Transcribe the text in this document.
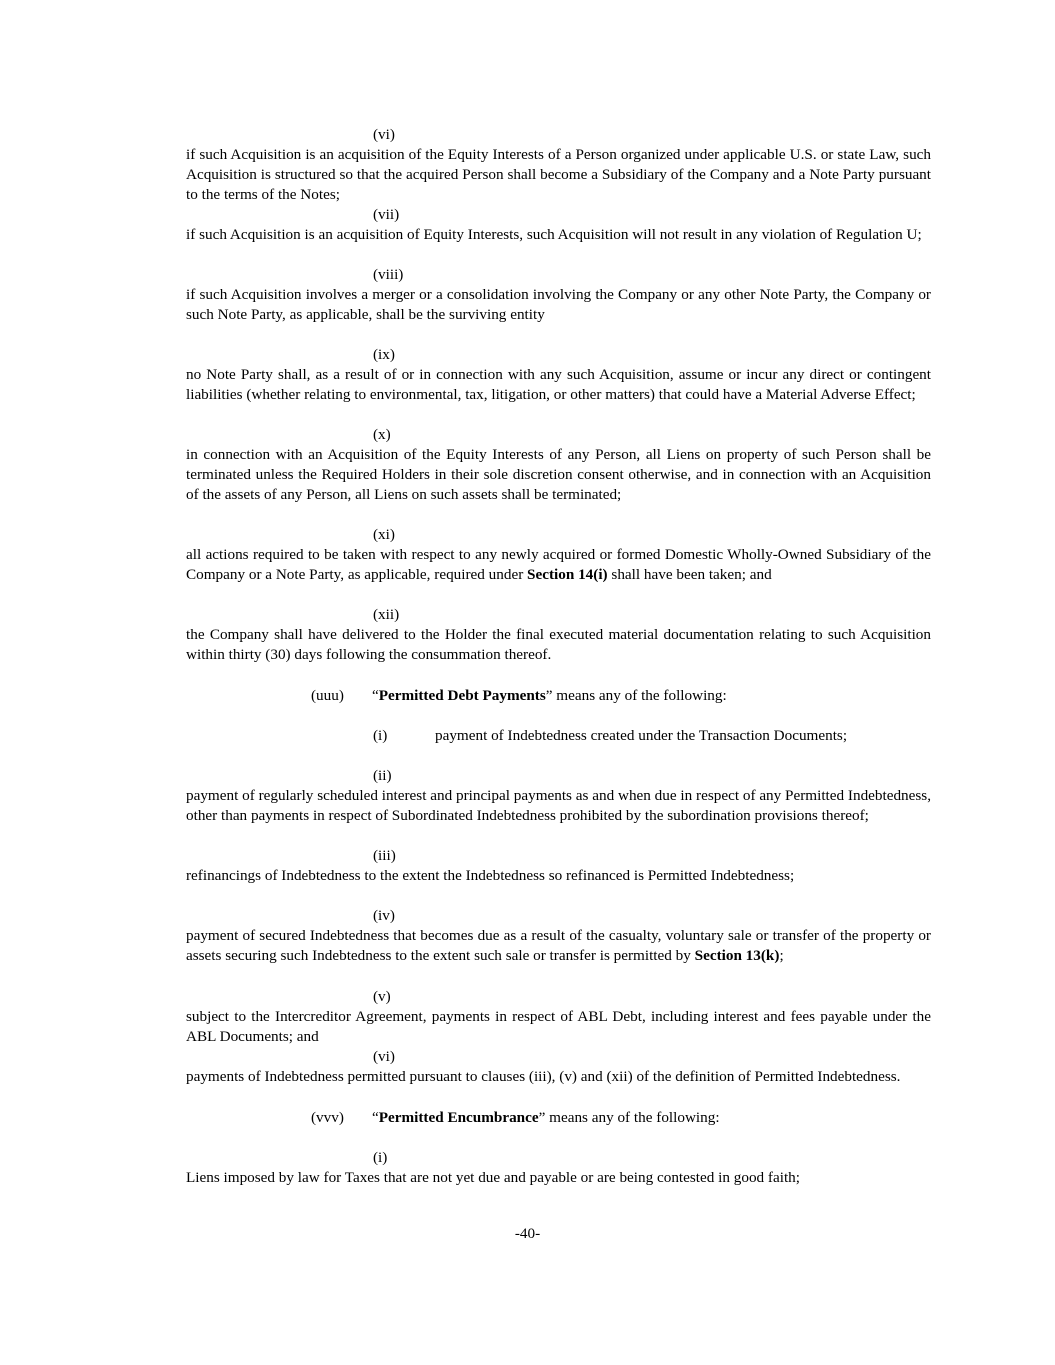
(vi)
if such Acquisition is an acquisition of the Equity Interests of a Person organized under applicable U.S. or state Law, such Acquisition is structured so that the acquired Person shall become a Subsidiary of the Company and a Note Party pursuant to the terms of the Notes;
(vii)
if such Acquisition is an acquisition of Equity Interests, such Acquisition will not result in any violation of Regulation U;
(viii)
if such Acquisition involves a merger or a consolidation involving the Company or any other Note Party, the Company or such Note Party, as applicable, shall be the surviving entity
(ix)
no Note Party shall, as a result of or in connection with any such Acquisition, assume or incur any direct or contingent liabilities (whether relating to environmental, tax, litigation, or other matters) that could have a Material Adverse Effect;
(x)
in connection with an Acquisition of the Equity Interests of any Person, all Liens on property of such Person shall be terminated unless the Required Holders in their sole discretion consent otherwise, and in connection with an Acquisition of the assets of any Person, all Liens on such assets shall be terminated;
(xi)
all actions required to be taken with respect to any newly acquired or formed Domestic Wholly-Owned Subsidiary of the Company or a Note Party, as applicable, required under Section 14(i) shall have been taken; and
(xii)
the Company shall have delivered to the Holder the final executed material documentation relating to such Acquisition within thirty (30) days following the consummation thereof.
(uuu) “Permitted Debt Payments” means any of the following:
(i)	payment of Indebtedness created under the Transaction Documents;
(ii)
payment of regularly scheduled interest and principal payments as and when due in respect of any Permitted Indebtedness, other than payments in respect of Subordinated Indebtedness prohibited by the subordination provisions thereof;
(iii)
refinancings of Indebtedness to the extent the Indebtedness so refinanced is Permitted Indebtedness;
(iv)
payment of secured Indebtedness that becomes due as a result of the casualty, voluntary sale or transfer of the property or assets securing such Indebtedness to the extent such sale or transfer is permitted by Section 13(k);
(v)
subject to the Intercreditor Agreement, payments in respect of ABL Debt, including interest and fees payable under the ABL Documents; and
(vi)
payments of Indebtedness permitted pursuant to clauses (iii), (v) and (xii) of the definition of Permitted Indebtedness.
(vvv) “Permitted Encumbrance” means any of the following:
(i)
Liens imposed by law for Taxes that are not yet due and payable or are being contested in good faith;
-40-
